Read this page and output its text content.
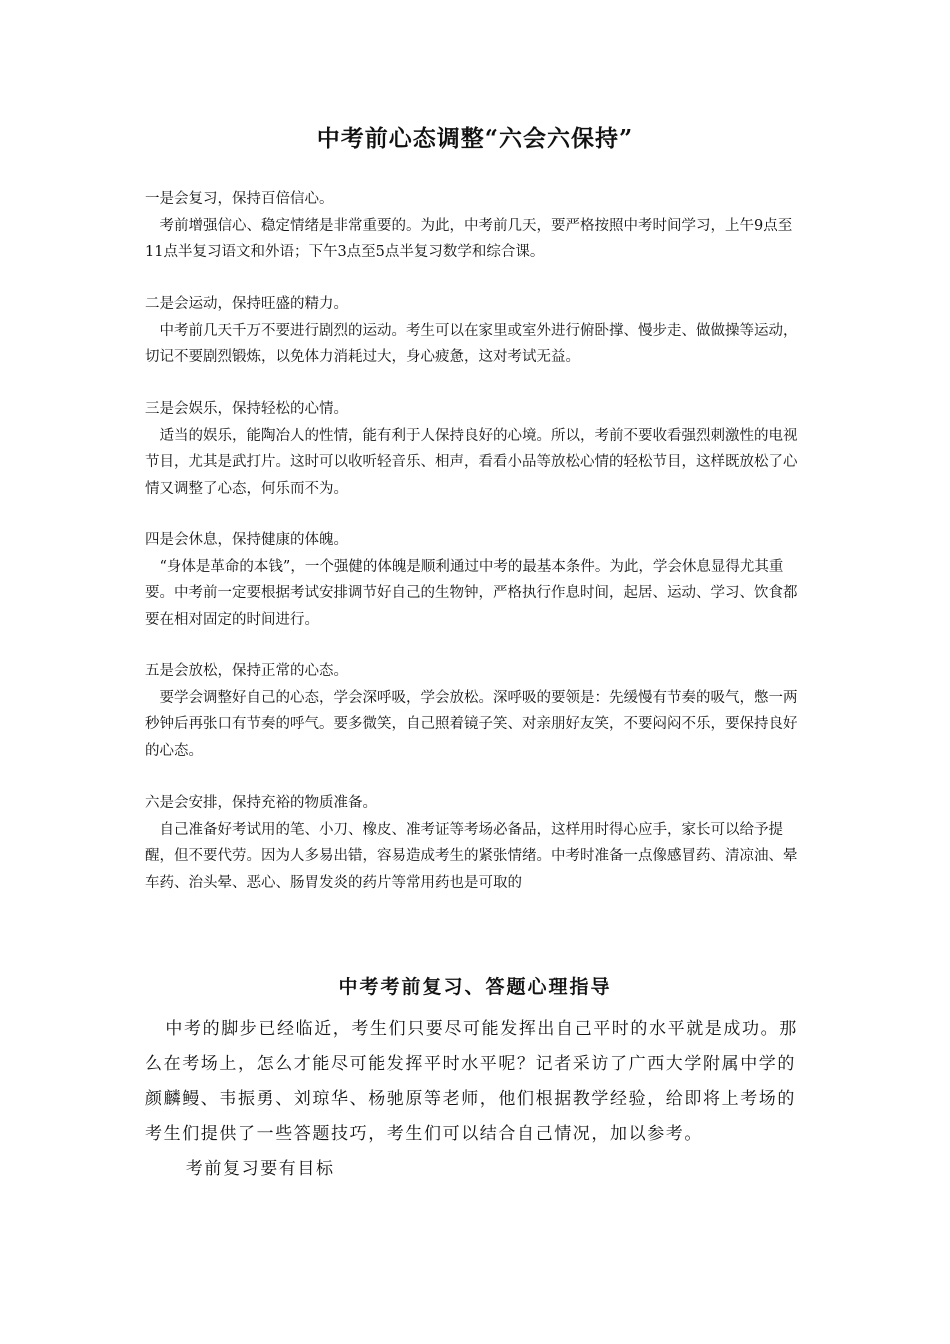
中考前心态调整“六会六保持”

一是会复习，保持百倍信心。

考前增强信心、稳定情绪是非常重要的。为此，中考前几天，要严格按照中考时间学习，上午9点至11点半复习语文和外语；下午3点至5点半复习数学和综合课。

二是会运动，保持旺盛的精力。

中考前几天千万不要进行剧烈的运动。考生可以在家里或室外进行俯卧撑、慢步走、做做操等运动，切记不要剧烈锻炼，以免体力消耗过大，身心疲惫，这对考试无益。

三是会娱乐，保持轻松的心情。

适当的娱乐，能陶冶人的性情，能有利于人保持良好的心境。所以，考前不要收看强烈刺激性的电视节目，尤其是武打片。这时可以收听轻音乐、相声，看看小品等放松心情的轻松节目，这样既放松了心情又调整了心态，何乐而不为。

四是会休息，保持健康的体魄。

“身体是革命的本钱”，一个强健的体魄是顺利通过中考的最基本条件。为此，学会休息显得尤其重要。中考前一定要根据考试安排调节好自己的生物钟，严格执行作息时间，起居、运动、学习、饮食都要在相对固定的时间进行。

五是会放松，保持正常的心态。

要学会调整好自己的心态，学会深呼吸，学会放松。深呼吸的要领是：先缓慢有节奏的吸气，憋一两秒钟后再张口有节奏的呼气。要多微笑，自己照着镜子笑、对亲朋好友笑，不要闷闷不乐，要保持良好的心态。

六是会安排，保持充裕的物质准备。

自己准备好考试用的笔、小刀、橡皮、准考证等考场必备品，这样用时得心应手，家长可以给予提醒，但不要代劳。因为人多易出错，容易造成考生的紧张情绪。中考时准备一点像感冒药、清凉油、晕车药、治头晕、恶心、肠胃发炎的药片等常用药也是可取的

中考考前复习、答题心理指导

中考的脚步已经临近，考生们只要尽可能发挥出自己平时的水平就是成功。那么在考场上，怎么才能尽可能发挥平时水平呢？记者采访了广西大学附属中学的颜麟鳗、韦振勇、刘琼华、杨驰原等老师，他们根据教学经验，给即将上考场的考生们提供了一些答题技巧，考生们可以结合自己情况，加以参考。

考前复习要有目标
